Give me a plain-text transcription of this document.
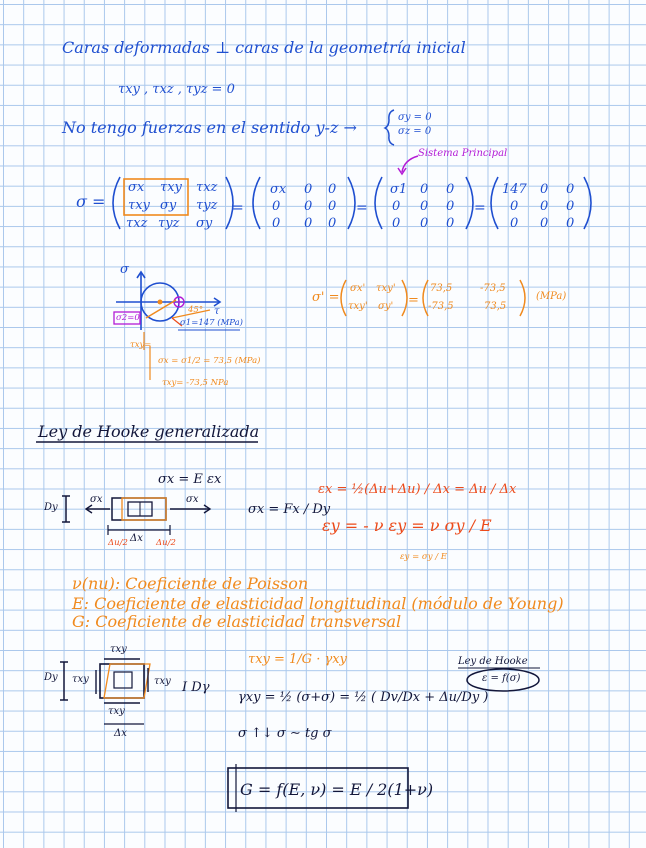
Caras deformadas ⊥ caras de la geometría inicial
τxy , τxz , τyz = 0
No tengo fuerzas en el sentido y-z →
σy = 0
σz = 0
Sistema Principal
σ =	=	=	=
σx τxy τxz
τxy σy τyz
τxz τyz σy
σx 0 0
0 0 0
0 0 0
σ1 0 0
0 0 0
0 0 0
147 0 0
0 0 0
0 0 0
σ
τ
σ2=0	σ1=147 (MPa)
45°
τxy=
σx = σ1/2 = 73,5 (MPa)
τxy= -73,5 NPa
σ' =	=
σx' τxy'
τxy' σy'
73,5	-73,5
-73,5	73,5
(MPa)
Ley de Hooke generalizada
σx = E εx
Dy
σx	σx
Δx
Δu/2	Δu/2
σx = Fx / Dy
εx = ½(Δu+Δu) / Δx = Δu / Δx
εy = - ν εy = ν σy / E
εy = σy / E
ν(nu): Coeficiente de Poisson
E: Coeficiente de elasticidad longitudinal (módulo de Young)
G: Coeficiente de elasticidad transversal
Dy τxy	τxy
τxy
τxy
Δx
I Dγ
τxy = 1/G · γxy
γxy = ½ (σ+σ) = ½ ( Dv/Dx + Δu/Dy )
σ ↑↓ σ ∼ tg σ
Ley de Hooke
ε = f(σ)
G = f(E, ν) = E / 2(1+ν)
